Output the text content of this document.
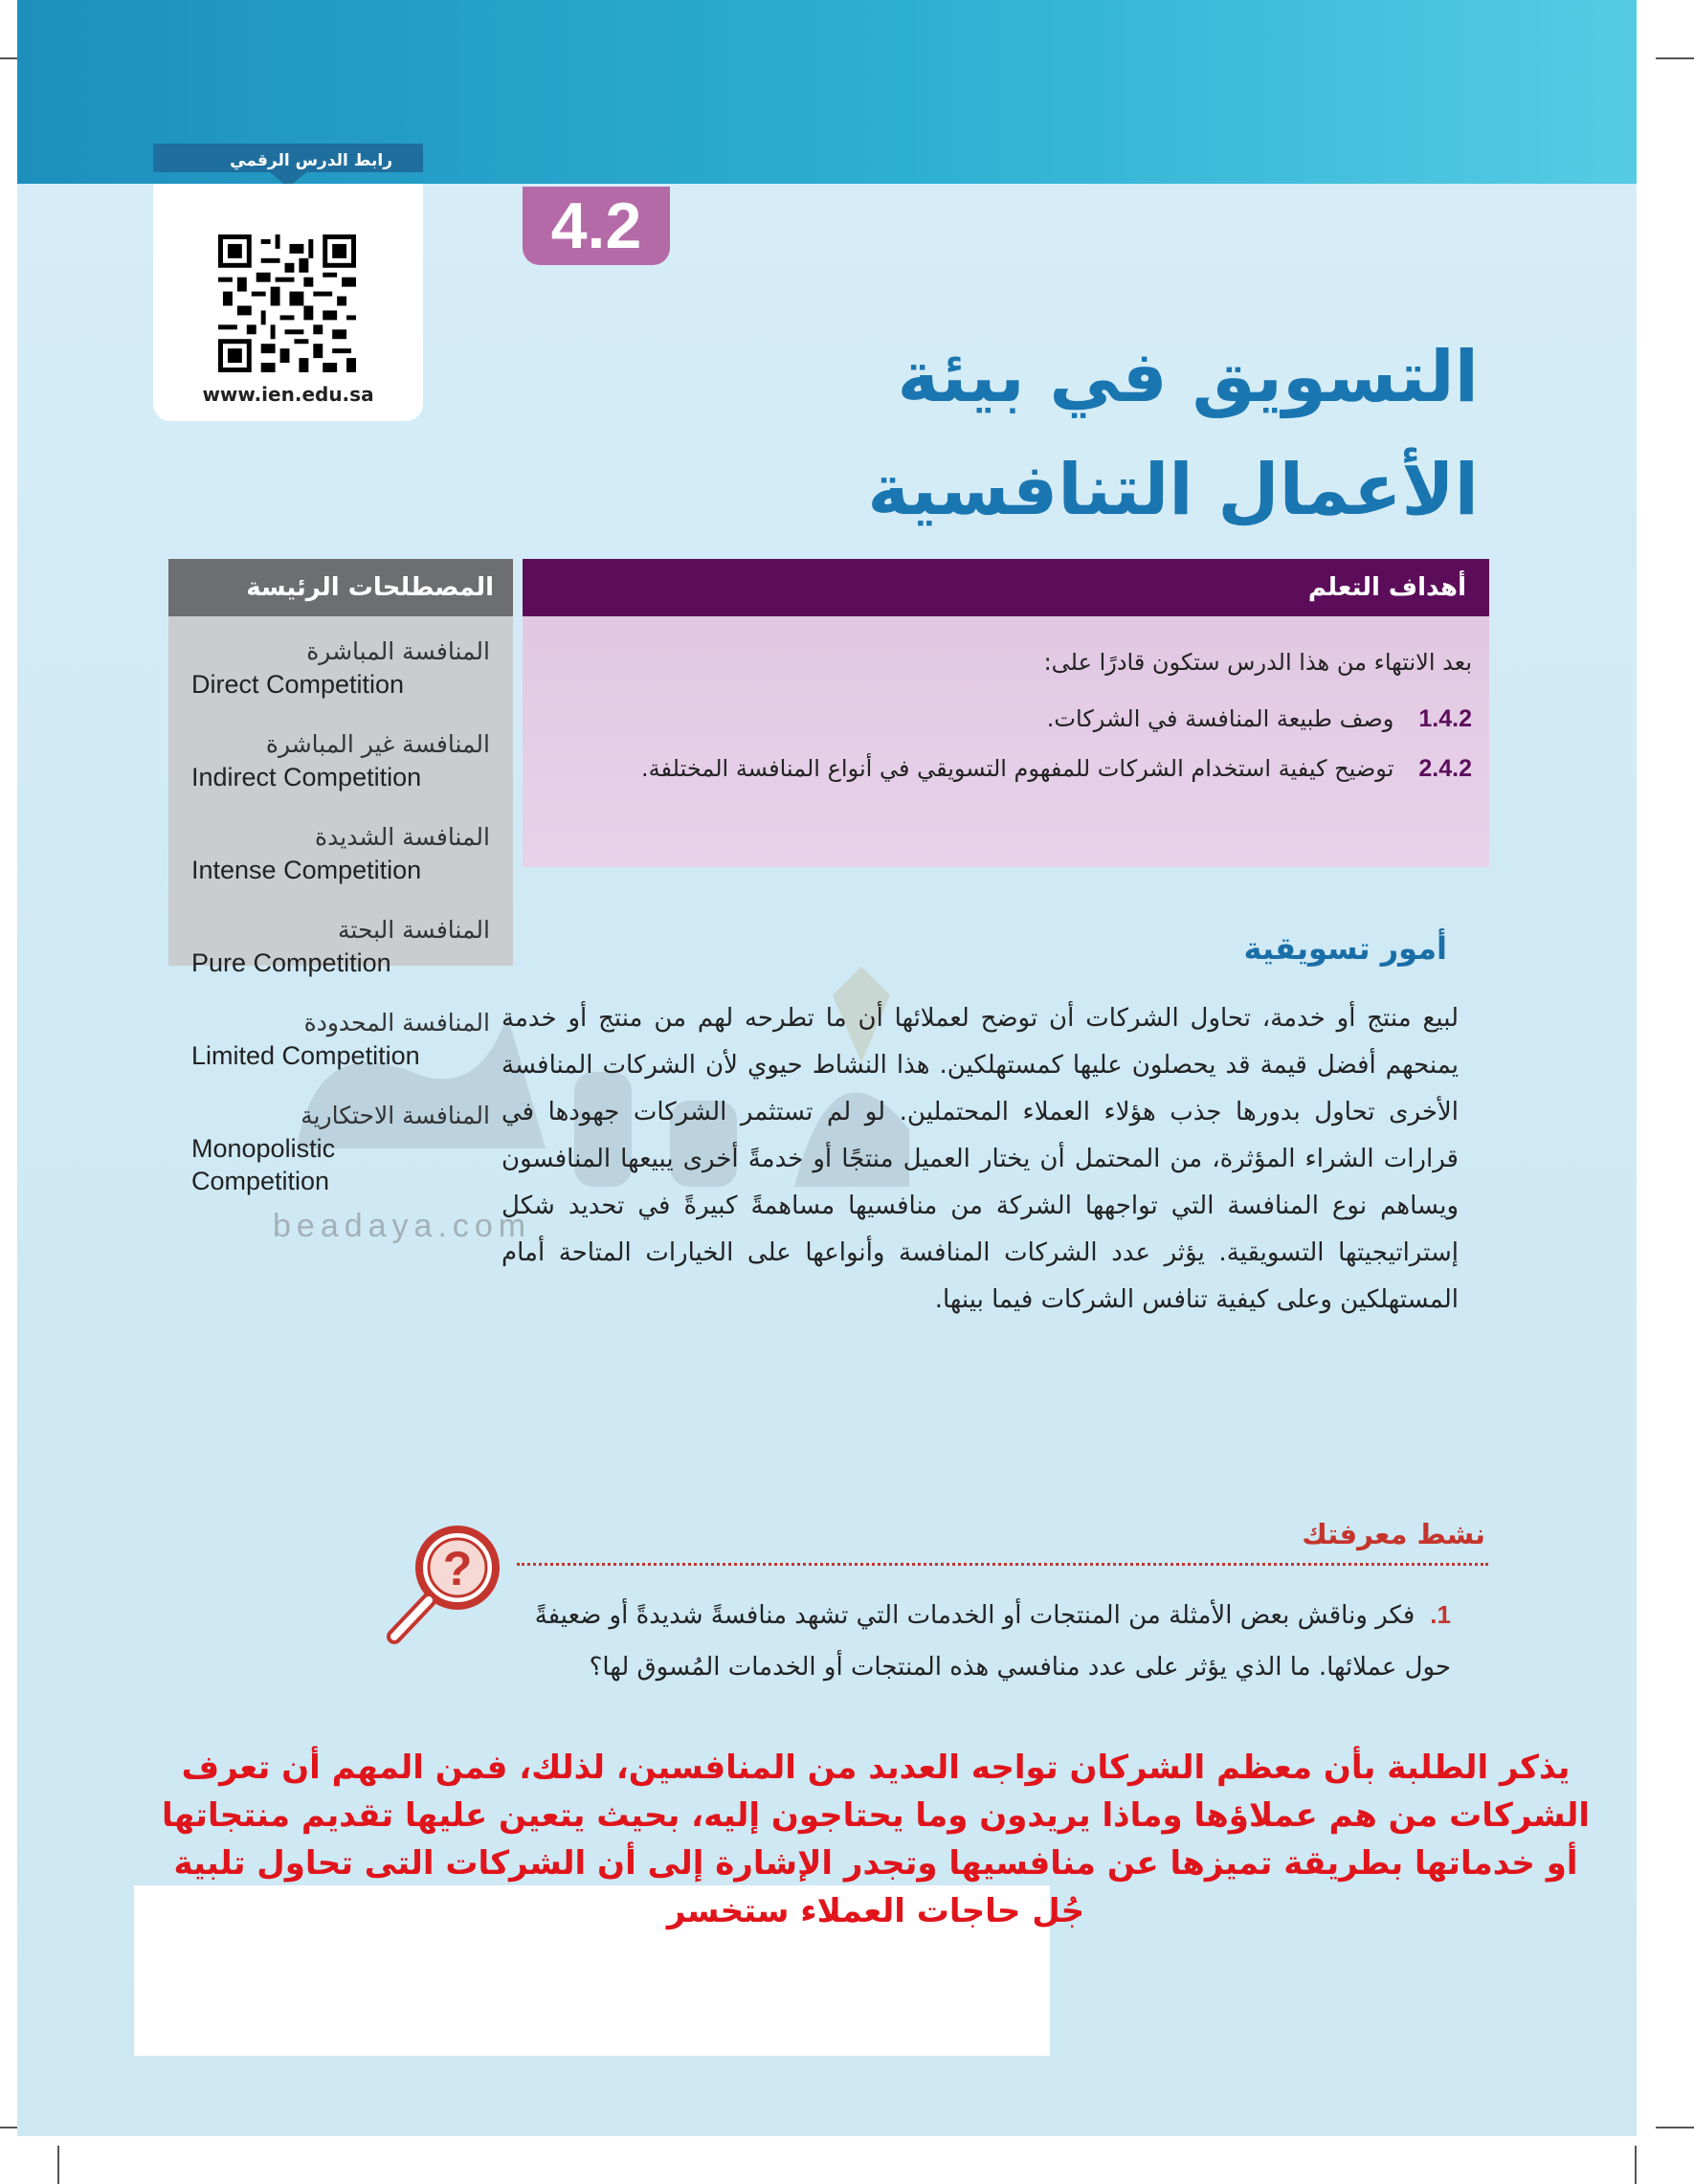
beadaya.com
رابط الدرس الرقمي
www.ien.edu.sa
4.2
التسويق في بيئة
الأعمال التنافسية
المصطلحات الرئيسة
المنافسة المباشرة
Direct Competition
المنافسة غير المباشرة
Indirect Competition
المنافسة الشديدة
Intense Competition
المنافسة البحتة
Pure Competition
المنافسة المحدودة
Limited Competition
المنافسة الاحتكارية
Monopolistic Competition
أهداف التعلم
بعد الانتهاء من هذا الدرس ستكون قادرًا على:
1.4.2وصف طبيعة المنافسة في الشركات.
2.4.2توضيح كيفية استخدام الشركات للمفهوم التسويقي في أنواع المنافسة المختلفة.
أمور تسويقية
لبيع منتج أو خدمة، تحاول الشركات أن توضح لعملائها أن ما تطرحه لهم من منتج أو خدمة يمنحهم أفضل قيمة قد يحصلون عليها كمستهلكين. هذا النشاط حيوي لأن الشركات المنافسة الأخرى تحاول بدورها جذب هؤلاء العملاء المحتملين. لو لم تستثمر الشركات جهودها في قرارات الشراء المؤثرة، من المحتمل أن يختار العميل منتجًا أو خدمةً أخرى يبيعها المنافسون ويساهم نوع المنافسة التي تواجهها الشركة من منافسيها مساهمةً كبيرةً في تحديد شكل إستراتيجيتها التسويقية. يؤثر عدد الشركات المنافسة وأنواعها على الخيارات المتاحة أمام المستهلكين وعلى كيفية تنافس الشركات فيما بينها.
نشط معرفتك
?
1.فكر وناقش بعض الأمثلة من المنتجات أو الخدمات التي تشهد منافسةً شديدةً أو ضعيفةً حول عملائها. ما الذي يؤثر على عدد منافسي هذه المنتجات أو الخدمات المُسوق لها؟
يذكر الطلبة بأن معظم الشركان تواجه العديد من المنافسين، لذلك، فمن المهم أن تعرف الشركات من هم عملاؤها وماذا يريدون وما يحتاجون إليه، بحيث يتعين عليها تقديم منتجاتها أو خدماتها بطريقة تميزها عن منافسيها وتجدر الإشارة إلى أن الشركات التى تحاول تلبية جُل حاجات العملاء ستخسر
